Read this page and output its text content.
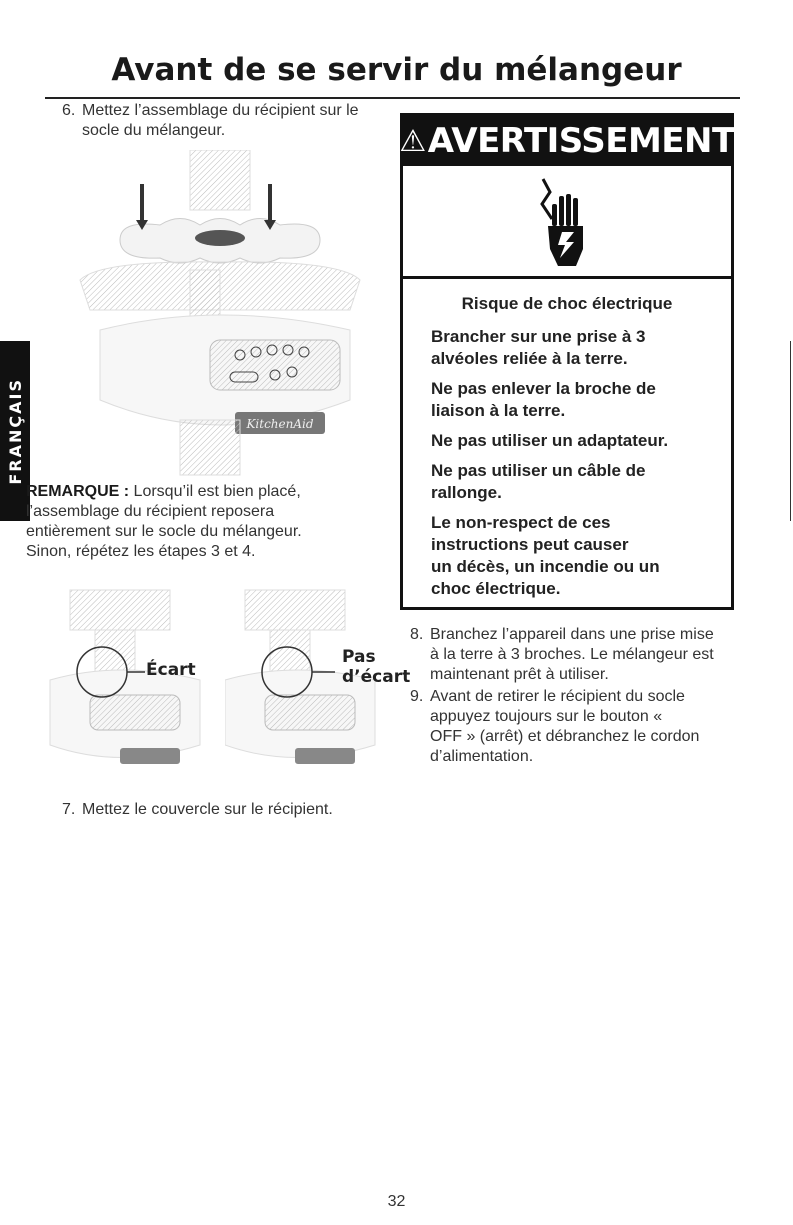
Avant de se servir du mélangeur
FRANÇAIS
6. Mettez l’assemblage du récipient sur le
socle du mélangeur.
KitchenAid
REMARQUE : Lorsqu’il est bien placé,
l’assemblage du récipient reposera
entièrement sur le socle du mélangeur.
Sinon, répétez les étapes 3 et 4.
Écart
Pas
d’écart
7. Mettez le couvercle sur le récipient.
⚠ AVERTISSEMENT
Risque de choc électrique
Brancher sur une prise à 3
alvéoles reliée à la terre.
Ne pas enlever la broche de
liaison à la terre.
Ne pas utiliser un adaptateur.
Ne pas utiliser un câble de
rallonge.
Le non-respect de ces
instructions peut causer
un décès, un incendie ou un
choc électrique.
8. Branchez l’appareil dans une prise mise
à la terre à 3 broches. Le mélangeur est
maintenant prêt à utiliser.
9. Avant de retirer le récipient du socle
appuyez toujours sur le bouton «
OFF » (arrêt) et débranchez le cordon
d’alimentation.
32
